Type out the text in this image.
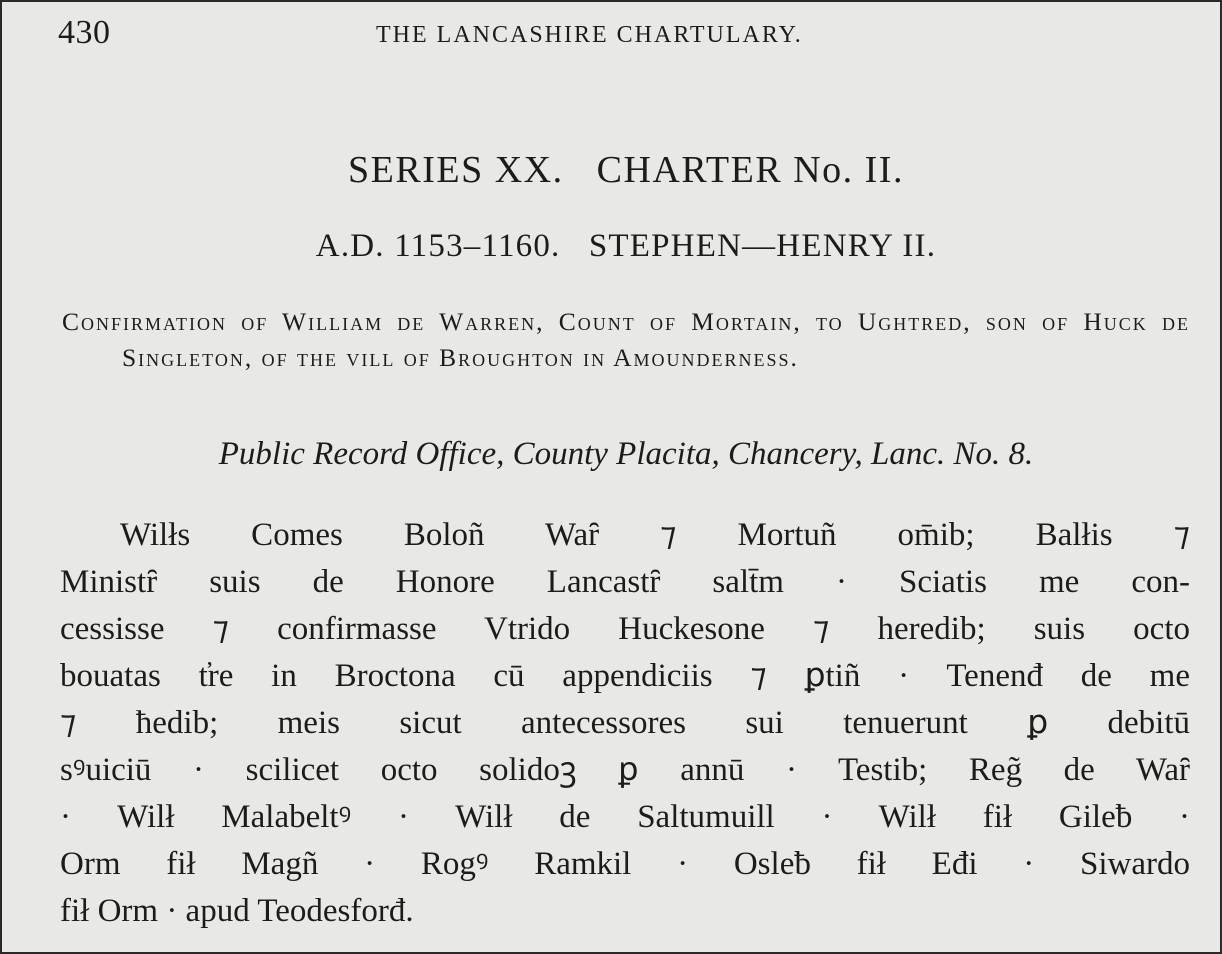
430	THE LANCASHIRE CHARTULARY.
SERIES XX.   CHARTER No. II.
A.D. 1153–1160.   STEPHEN—HENRY II.

Confirmation of William de Warren, Count of Mortain, to Ughtred, son of Huck de Singleton, of the vill of Broughton in Amounderness.

Public Record Office, County Placita, Chancery, Lanc. No. 8.
Wilłs Comes Boloñ Waȓ ⁊ Mortuñ om̄ib; Balłis ⁊
Ministȓ suis de Honore Lancastȓ salt̄m · Sciatis me con-
cessisse ⁊ confirmasse Vtrido Huckesone ⁊ heredib; suis octo
bouatas t̕re in Broctona cū appendiciis ⁊ ꝑtiñ · Tenenđ de me
⁊ ħedib; meis sicut antecessores sui tenuerunt ꝑ debitū
sꝰuiciū · scilicet octo solidoꝫ ꝑ annū · Testib; Reg̃ de Waȓ
· Wilł Malabeltꝰ · Wilł de Saltumuill · Wilł fił Gileƀ ·
Orm fił Magñ · Rogꝰ Ramkil · Osleƀ fił Eđi · Siwardo
fił Orm · apud Teodesforđ.
